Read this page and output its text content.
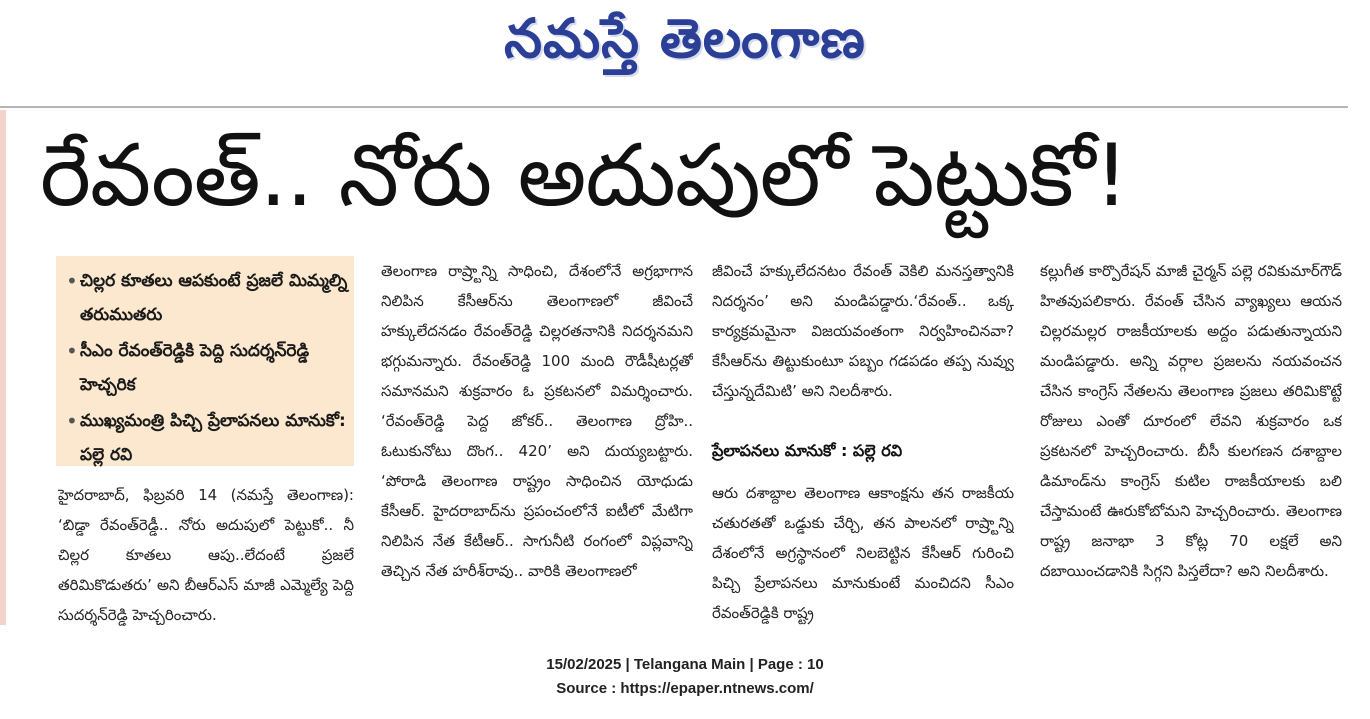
నమస్తే తెలంగాణ
రేవంత్.. నోరు అదుపులో పెట్టుకో!
• చిల్లర కూతలు ఆపకుంటే ప్రజలే మిమ్మల్ని తరుముతరు
• సీఎం రేవంత్‌రెడ్డికి పెద్ది సుదర్శన్‌రెడ్డి హెచ్చరిక
• ముఖ్యమంత్రి పిచ్చి ప్రేలాపనలు మానుకో: పల్లె రవి
హైదరాబాద్, ఫిబ్రవరి 14 (నమస్తే తెలంగాణ): ‘బిడ్డా రేవంత్‌రెడ్డీ.. నోరు అదుపులో పెట్టుకో.. నీ చిల్లర కూతలు ఆపు..లేదంటే ప్రజలే తరిమికొడుతరు’ అని బీఆర్‌ఎస్ మాజీ ఎమ్మెల్యే పెద్ది సుదర్శన్‌రెడ్డి హెచ్చరించారు.
తెలంగాణ రాష్ర్టాన్ని సాధించి, దేశంలోనే అగ్రభాగాన నిలిపిన కేసీఆర్‌ను తెలంగాణలో జీవించే హక్కులేదనడం రేవంత్‌రెడ్డి చిల్లరతనానికి నిదర్శనమని భగ్గుమన్నారు. రేవంత్‌రెడ్డి 100 మంది రౌడీషీటర్లతో సమానమని శుక్రవారం ఓ ప్రకటనలో విమర్శించారు. ‘రేవంత్‌రెడ్డి పెద్ద జోకర్.. తెలంగాణ ద్రోహి.. ఓటుకునోటు దొంగ.. 420’ అని దుయ్యబట్టారు. ‘పోరాడి తెలంగాణ రాష్ట్రం సాధించిన యోధుడు కేసీఆర్. హైదరాబాద్‌ను ప్రపంచంలోనే ఐటీలో మేటిగా నిలిపిన నేత కేటీఆర్.. సాగునీటి రంగంలో విప్లవాన్ని తెచ్చిన నేత హరీశ్‌రావు.. వారికి తెలంగాణలో
జీవించే హక్కులేదనటం రేవంత్ వెకిలి మనస్తత్వానికి నిదర్శనం’ అని మండిపడ్డారు.‘రేవంత్.. ఒక్క కార్యక్రమమైనా విజయవంతంగా నిర్వహించినవా? కేసీఆర్‌ను తిట్టుకుంటూ పబ్బం గడపడం తప్ప నువ్వు చేస్తున్నదేమిటి’ అని నిలదీశారు.
ప్రేలాపనలు మానుకో : పల్లె రవి
ఆరు దశాబ్దాల తెలంగాణ ఆకాంక్షను తన రాజకీయ చతురతతో ఒడ్డుకు చేర్చి, తన పాలనలో రాష్ర్టాన్ని దేశంలోనే అగ్రస్థానంలో నిలబెట్టిన కేసీఆర్ గురించి పిచ్చి ప్రేలాపనలు మానుకుంటే మంచిదని సీఎం రేవంత్‌రెడ్డికి రాష్ట్ర
కల్లుగీత కార్పొరేషన్ మాజీ చైర్మన్ పల్లె రవికుమార్‌గౌడ్ హితవుపలికారు. రేవంత్ చేసిన వ్యాఖ్యలు ఆయన చిల్లరమల్లర రాజకీయాలకు అద్దం పడుతున్నాయని మండిపడ్డారు. అన్ని వర్గాల ప్రజలను నయవంచన చేసిన కాంగ్రెస్ నేతలను తెలంగాణ ప్రజలు తరిమికొట్టే రోజులు ఎంతో దూరంలో లేవని శుక్రవారం ఒక ప్రకటనలో హెచ్చరించారు. బీసీ కులగణన దశాబ్దాల డిమాండ్‌ను కాంగ్రెస్ కుటిల రాజకీయాలకు బలి చేస్తామంటే ఊరుకోబోమని హెచ్చరించారు. తెలంగాణ రాష్ట్ర జనాభా 3 కోట్ల 70 లక్షలే అని దబాయించడానికి సిగ్గని పిస్తలేదా? అని నిలదీశారు.
15/02/2025 | Telangana Main | Page : 10
Source : https://epaper.ntnews.com/
